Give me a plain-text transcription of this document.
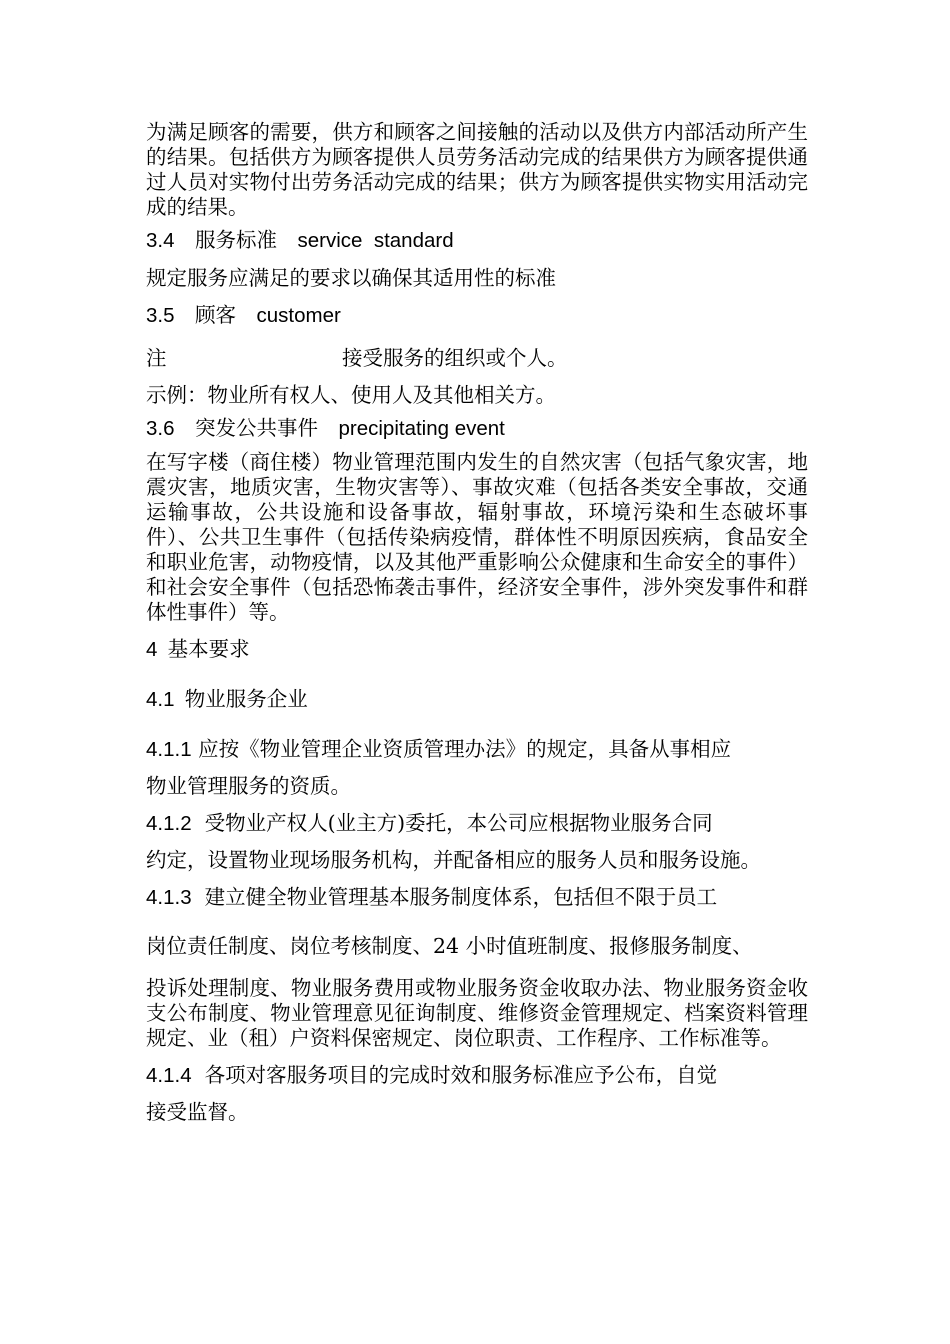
为满足顾客的需要，供方和顾客之间接触的活动以及供方内部活动所产生的结果。包括供方为顾客提供人员劳务活动完成的结果供方为顾客提供通过人员对实物付出劳务活动完成的结果；供方为顾客提供实物实用活动完成的结果。

3.4 服务标准 service  standard

规定服务应满足的要求以确保其适用性的标准

3.5 顾客 customer

注	接受服务的组织或个人。

示例：物业所有权人、使用人及其他相关方。

3.6 突发公共事件 precipitating event

在写字楼（商住楼）物业管理范围内发生的自然灾害（包括气象灾害，地震灾害，地质灾害，生物灾害等）、事故灾难（包括各类安全事故，交通运输事故，公共设施和设备事故，辐射事故，环境污染和生态破坏事件）、公共卫生事件（包括传染病疫情，群体性不明原因疾病，食品安全和职业危害，动物疫情，以及其他严重影响公众健康和生命安全的事件）和社会安全事件（包括恐怖袭击事件，经济安全事件，涉外突发事件和群体性事件）等。

4 基本要求

4.1 物业服务企业

4.1.1 应按《物业管理企业资质管理办法》的规定，具备从事相应

物业管理服务的资质。

4.1.2 受物业产权人(业主方)委托，本公司应根据物业服务合同

约定，设置物业现场服务机构，并配备相应的服务人员和服务设施。

4.1.3 建立健全物业管理基本服务制度体系，包括但不限于员工

岗位责任制度、岗位考核制度、24 小时值班制度、报修服务制度、

投诉处理制度、物业服务费用或物业服务资金收取办法、物业服务资金收支公布制度、物业管理意见征询制度、维修资金管理规定、档案资料管理规定、业（租）户资料保密规定、岗位职责、工作程序、工作标准等。

4.1.4 各项对客服务项目的完成时效和服务标准应予公布，自觉

接受监督。
